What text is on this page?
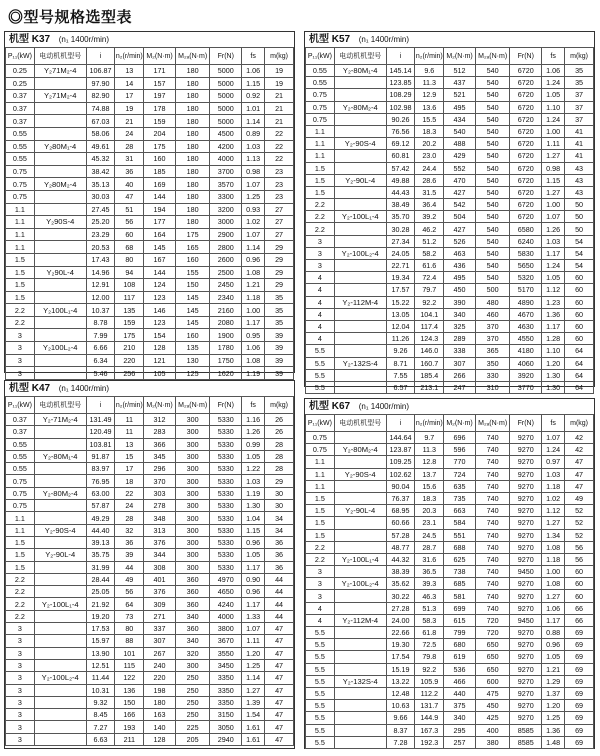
◎型号规格选型表
机型 K37 (n₁ 1400r/min)
P₁₁(kW)	电动机机型号	i	n₂(r/min)	M₂(N·m)	M₂ₐ(N·m)	Fr(N)	fs	m(kg)
0.25	Y₂71M₂-4	106.87	13	171	180	5000	1.06	19
0.25		97.90	14	157	180	5000	1.15	19
0.37	Y₂71M₂-4	82.90	17	197	180	5000	0.92	21
0.37		74.88	19	178	180	5000	1.01	21
0.37		67.03	21	159	180	5000	1.14	21
0.55		58.06	24	204	180	4500	0.89	22
0.55	Y₂80M₁-4	49.61	28	175	180	4200	1.03	22
0.55		45.32	31	160	180	4000	1.13	22
0.75		38.42	36	185	180	3700	0.98	23
0.75	Y₂80M₂-4	35.13	40	169	180	3570	1.07	23
0.75		30.03	47	144	180	3300	1.25	23
1.1		27.45	51	194	180	3200	0.93	27
1.1	Y₂90S-4	25.20	56	177	180	3000	1.02	27
1.1		23.29	60	164	175	2900	1.07	27
1.1		20.53	68	145	165	2800	1.14	29
1.5		17.43	80	167	160	2600	0.96	29
1.5	Y₂90L-4	14.96	94	144	155	2500	1.08	29
1.5		12.91	108	124	150	2450	1.21	29
1.5		12.00	117	123	145	2340	1.18	35
2.2	Y₂100L₁-4	10.37	135	146	145	2160	1.00	35
2.2		8.78	159	123	145	2080	1.17	35
3		7.99	175	154	160	1900	0.95	39
3	Y₂100L₂-4	6.66	210	128	135	1780	1.06	39
3		6.34	220	121	130	1750	1.08	39
3		5.46	256	105	125	1620	1.19	39
机型 K57 (n₁ 1400r/min)
P₁₁(kW)	电动机机型号	i	n₂(r/min)	M₂(N·m)	M₂ₐ(N·m)	Fr(N)	fs	m(kg)
0.55	Y₂-80M₁-4	145.14	9.6	512	540	6720	1.06	35
0.55		123.85	11.3	437	540	6720	1.24	35
0.75		108.29	12.9	521	540	6720	1.05	37
0.75	Y₂-80M₂-4	102.98	13.6	495	540	6720	1.10	37
0.75		90.26	15.5	434	540	6720	1.24	37
1.1		76.56	18.3	540	540	6720	1.00	41
1.1	Y₂-90S-4	69.12	20.2	488	540	6720	1.11	41
1.1		60.81	23.0	429	540	6720	1.27	41
1.5		57.42	24.4	552	540	6720	0.98	43
1.5	Y₂-90L-4	49.88	28.6	470	540	6720	1.15	43
1.5		44.43	31.5	427	540	6720	1.27	43
2.2		38.49	36.4	542	540	6720	1.00	50
2.2	Y₂-100L₁-4	35.70	39.2	504	540	6720	1.07	50
2.2		30.28	46.2	427	540	6580	1.26	50
3		27.34	51.2	526	540	6240	1.03	54
3	Y₂-100L₂-4	24.05	58.2	463	540	5830	1.17	54
3		22.71	61.6	436	540	5650	1.24	54
4		19.34	72.4	495	540	5320	1.05	60
4		17.57	79.7	450	500	5170	1.12	60
4	Y₂-112M-4	15.22	92.2	390	480	4890	1.23	60
4		13.05	104.1	340	460	4670	1.36	60
4		12.04	117.4	325	370	4630	1.17	60
4		11.26	124.3	289	370	4550	1.28	60
5.5		9.26	146.0	338	365	4180	1.10	64
5.5	Y₂-132S-4	8.71	160.7	307	350	4060	1.20	64
5.5		7.55	185.4	266	330	3920	1.30	64
5.5		6.57	213.1	247	310	3770	1.30	64
机型 K47 (n₁ 1400r/min)
P₁₁(kW)	电动机机型号	i	n₂(r/min)	M₂(N·m)	M₂ₐ(N·m)	Fr(N)	fs	m(kg)
0.37	Y₂-71M₂-4	131.49	11	312	300	5330	1.16	26
0.37		120.49	11	283	300	5330	1.26	26
0.55		103.81	13	366	300	5330	0.99	28
0.55	Y₂-80M₁-4	91.87	15	345	300	5330	1.05	28
0.55		83.97	17	296	300	5330	1.22	28
0.75		76.95	18	370	300	5330	1.03	29
0.75	Y₂-80M₂-4	63.00	22	303	300	5330	1.19	30
0.75		57.87	24	278	300	5330	1.30	30
1.1		49.29	28	348	300	5330	1.04	34
1.1	Y₂-90S-4	44.40	32	313	300	5330	1.15	34
1.5		39.13	36	376	300	5330	0.96	36
1.5	Y₂-90L-4	35.75	39	344	300	5330	1.05	36
1.5		31.99	44	308	300	5330	1.17	36
2.2		28.44	49	401	360	4970	0.90	44
2.2		25.05	56	376	360	4650	0.96	44
2.2	Y₂-100L₁-4	21.92	64	309	360	4240	1.17	44
2.2		19.20	73	271	340	4000	1.33	44
3		17.53	80	337	360	3800	1.07	47
3		15.97	88	307	340	3670	1.11	47
3		13.90	101	267	320	3550	1.20	47
3		12.51	115	240	300	3450	1.25	47
3	Y₂-100L₂-4	11.44	122	220	250	3350	1.14	47
3		10.31	136	198	250	3350	1.27	47
3		9.32	150	180	250	3350	1.39	47
3		8.45	166	163	250	3150	1.54	47
3		7.27	193	140	225	3050	1.61	47
3		6.63	211	128	205	2940	1.61	47
机型 K67 (n₁ 1400r/min)
P₁₁(kW)	电动机机型号	i	n₂(r/min)	M₂(N·m)	M₂ₐ(N·m)	Fr(N)	fs	m(kg)
0.75		144.64	9.7	696	740	9270	1.07	42
0.75	Y₂-80M₂-4	123.87	11.3	596	740	9270	1.24	42
1.1		109.25	12.8	770	740	9270	0.97	47
1.1	Y₂-90S-4	102.62	13.7	724	740	9270	1.03	47
1.1		90.04	15.6	635	740	9270	1.18	47
1.5		76.37	18.3	735	740	9270	1.02	49
1.5	Y₂-90L-4	68.95	20.3	663	740	9270	1.12	52
1.5		60.66	23.1	584	740	9270	1.27	52
1.5		57.28	24.5	551	740	9270	1.34	52
2.2		48.77	28.7	688	740	9270	1.08	56
2.2	Y₂-100L₁-4	44.32	31.6	625	740	9270	1.18	56
3		38.39	36.5	738	740	9450	1.00	60
3	Y₂-100L₂-4	35.62	39.3	685	740	9270	1.08	60
3		30.22	46.3	581	740	9270	1.27	60
4		27.28	51.3	699	740	9270	1.06	66
4	Y₂-112M-4	24.00	58.3	615	720	9450	1.17	66
5.5		22.66	61.8	799	720	9270	0.88	69
5.5		19.30	72.5	680	650	9270	0.96	69
5.5		17.54	79.8	619	650	9270	1.05	69
5.5		15.19	92.2	536	650	9270	1.21	69
5.5	Y₂-132S-4	13.22	105.9	466	600	9270	1.29	69
5.5		12.48	112.2	440	475	9270	1.37	69
5.5		10.63	131.7	375	450	9270	1.20	69
5.5		9.66	144.9	340	425	9270	1.25	69
5.5		8.37	167.3	295	400	8585	1.36	69
5.5		7.28	192.3	257	380	8585	1.48	69
